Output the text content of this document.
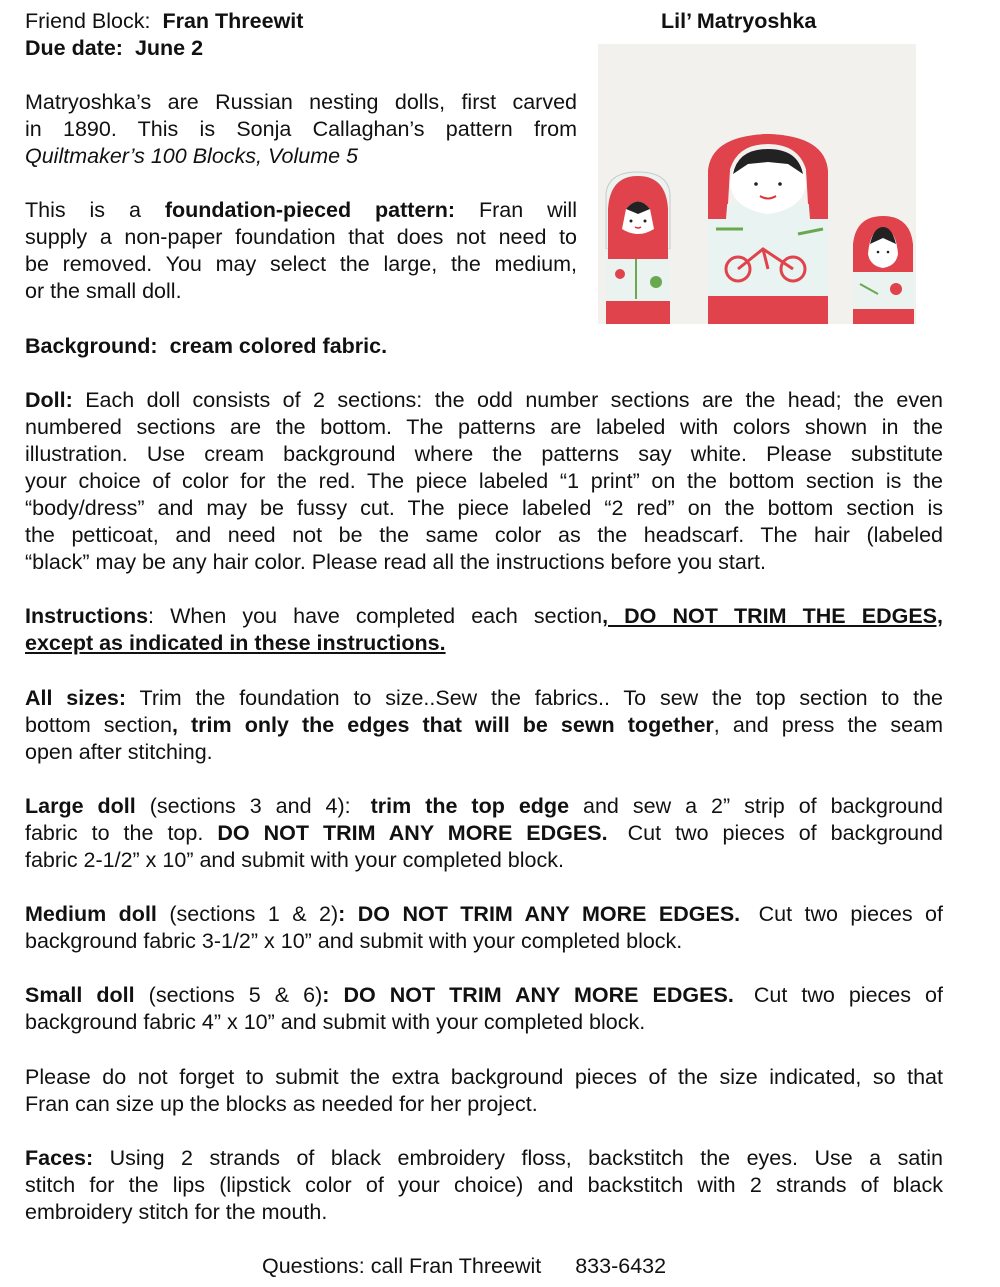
Friend Block: Fran Threewit	Lil’ Matryoshka
Due date: June 2
Matryoshka’s are Russian nesting dolls, first carved
in 1890. This is Sonja Callaghan’s pattern from
Quiltmaker’s 100 Blocks, Volume 5
This is a foundation-pieced pattern: Fran will
supply a non-paper foundation that does not need to
be removed. You may select the large, the medium,
or the small doll.
Background: cream colored fabric.
Doll: Each doll consists of 2 sections: the odd number sections are the head; the even
numbered sections are the bottom. The patterns are labeled with colors shown in the
illustration. Use cream background where the patterns say white. Please substitute
your choice of color for the red. The piece labeled “1 print” on the bottom section is the
“body/dress” and may be fussy cut. The piece labeled “2 red” on the bottom section is
the petticoat, and need not be the same color as the headscarf. The hair (labeled
“black” may be any hair color. Please read all the instructions before you start.
Instructions: When you have completed each section, DO NOT TRIM THE EDGES,
except as indicated in these instructions.
All sizes: Trim the foundation to size..Sew the fabrics.. To sew the top section to the
bottom section, trim only the edges that will be sewn together, and press the seam
open after stitching.
Large doll (sections 3 and 4): trim the top edge and sew a 2” strip of background
fabric to the top. DO NOT TRIM ANY MORE EDGES. Cut two pieces of background
fabric 2-1/2” x 10” and submit with your completed block.
Medium doll (sections 1 & 2): DO NOT TRIM ANY MORE EDGES. Cut two pieces of
background fabric 3-1/2” x 10” and submit with your completed block.
Small doll (sections 5 & 6): DO NOT TRIM ANY MORE EDGES. Cut two pieces of
background fabric 4” x 10” and submit with your completed block.
Please do not forget to submit the extra background pieces of the size indicated, so that
Fran can size up the blocks as needed for her project.
Faces: Using 2 strands of black embroidery floss, backstitch the eyes. Use a satin
stitch for the lips (lipstick color of your choice) and backstitch with 2 strands of black
embroidery stitch for the mouth.
Questions: call Fran Threewit 833-6432
